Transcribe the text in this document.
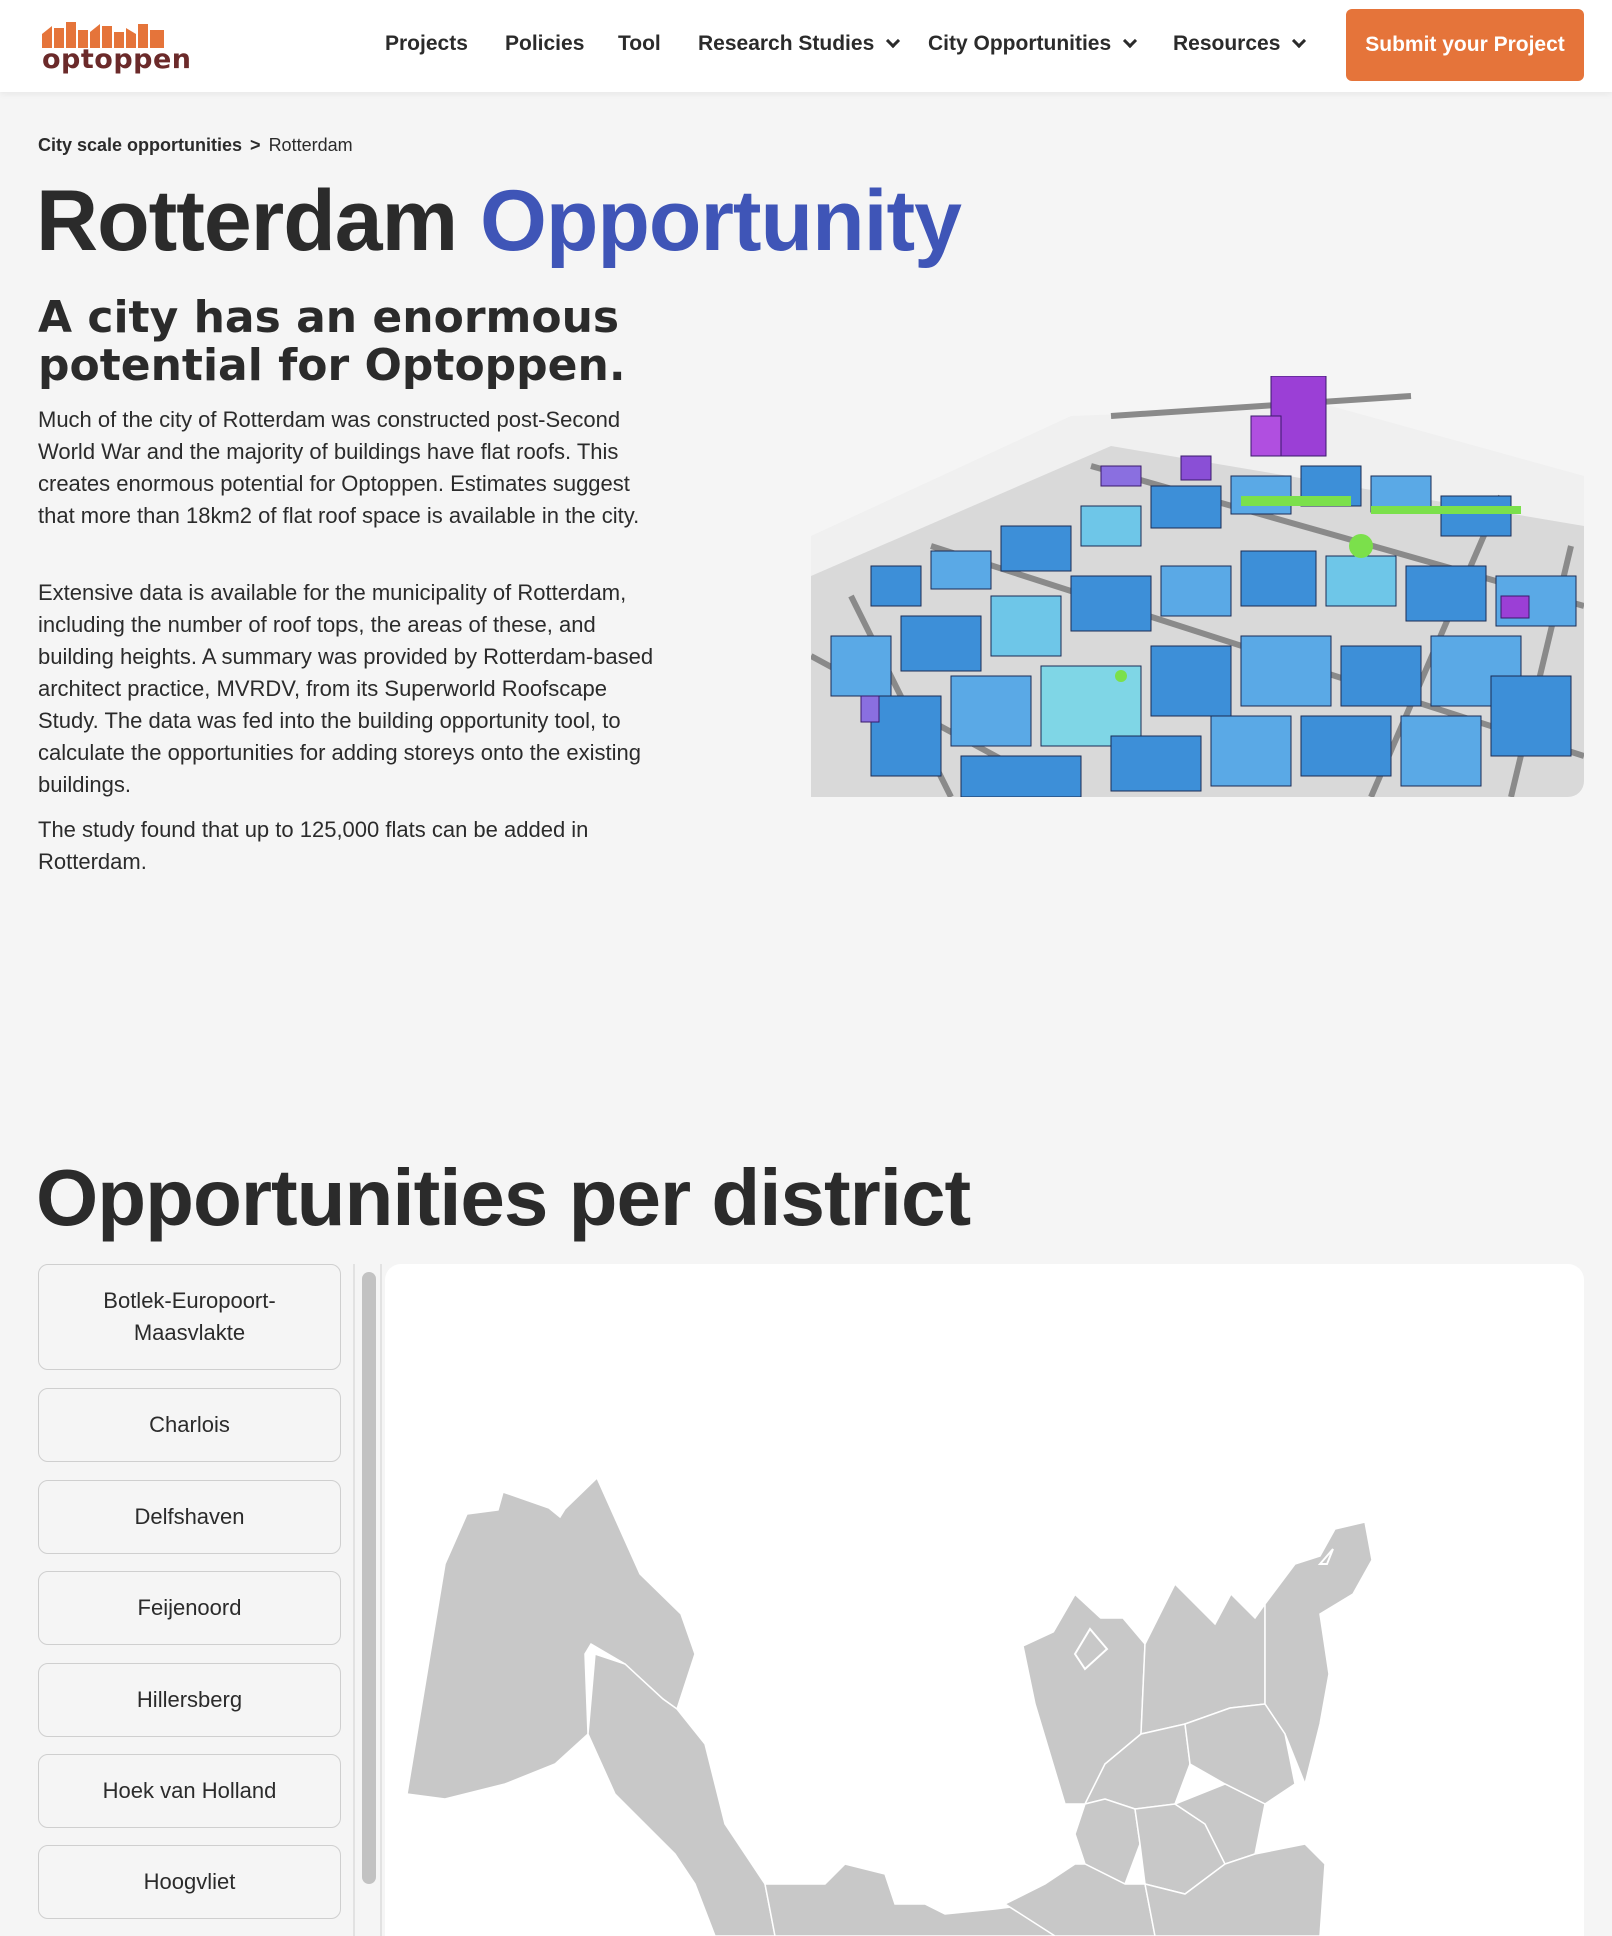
optoppen
Projects Policies Tool Research Studies	City Opportunities	Resources	Submit your Project
City scale opportunities > Rotterdam
Rotterdam Opportunity
A city has an enormous potential for Optoppen.

Much of the city of Rotterdam was constructed post-Second World War and the majority of buildings have flat roofs. This creates enormous potential for Optoppen. Estimates suggest that more than 18km2 of flat roof space is available in the city.

Extensive data is available for the municipality of Rotterdam, including the number of roof tops, the areas of these, and building heights. A summary was provided by Rotterdam-based architect practice, MVRDV, from its Superworld Roofscape Study. The data was fed into the building opportunity tool, to calculate the opportunities for adding storeys onto the existing buildings.

The study found that up to 125,000 flats can be added in Rotterdam.

Opportunities per district
Botlek-Europoort-Maasvlakte
Charlois
Delfshaven
Feijenoord
Hillersberg
Hoek van Holland
Hoogvliet
